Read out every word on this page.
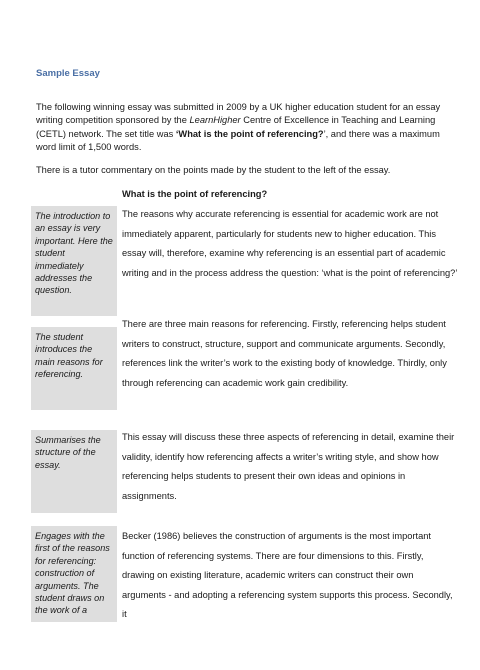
Sample Essay

The following winning essay was submitted in 2009 by a UK higher education student for an essay writing competition sponsored by the LearnHigher Centre of Excellence in Teaching and Learning (CETL) network. The set title was ‘What is the point of referencing?’, and there was a maximum word limit of 1,500 words.

There is a tutor commentary on the points made by the student to the left of the essay.

What is the point of referencing?
The introduction to an essay is very important. Here the student immediately addresses the question.
The student introduces the main reasons for referencing.
Summarises the structure of the essay.
Engages with the first of the reasons for referencing: construction of arguments. The student draws on the work of a
The reasons why accurate referencing is essential for academic work are not immediately apparent, particularly for students new to higher education. This essay will, therefore, examine why referencing is an essential part of academic writing and in the process address the question: ‘what is the point of referencing?’
There are three main reasons for referencing. Firstly, referencing helps student writers to construct, structure, support and communicate arguments. Secondly, references link the writer’s work to the existing body of knowledge. Thirdly, only through referencing can academic work gain credibility.
This essay will discuss these three aspects of referencing in detail, examine their validity, identify how referencing affects a writer’s writing style, and show how referencing helps students to present their own ideas and opinions in assignments.
Becker (1986) believes the construction of arguments is the most important function of referencing systems. There are four dimensions to this. Firstly, drawing on existing literature, academic writers can construct their own arguments - and adopting a referencing system supports this process. Secondly, it
